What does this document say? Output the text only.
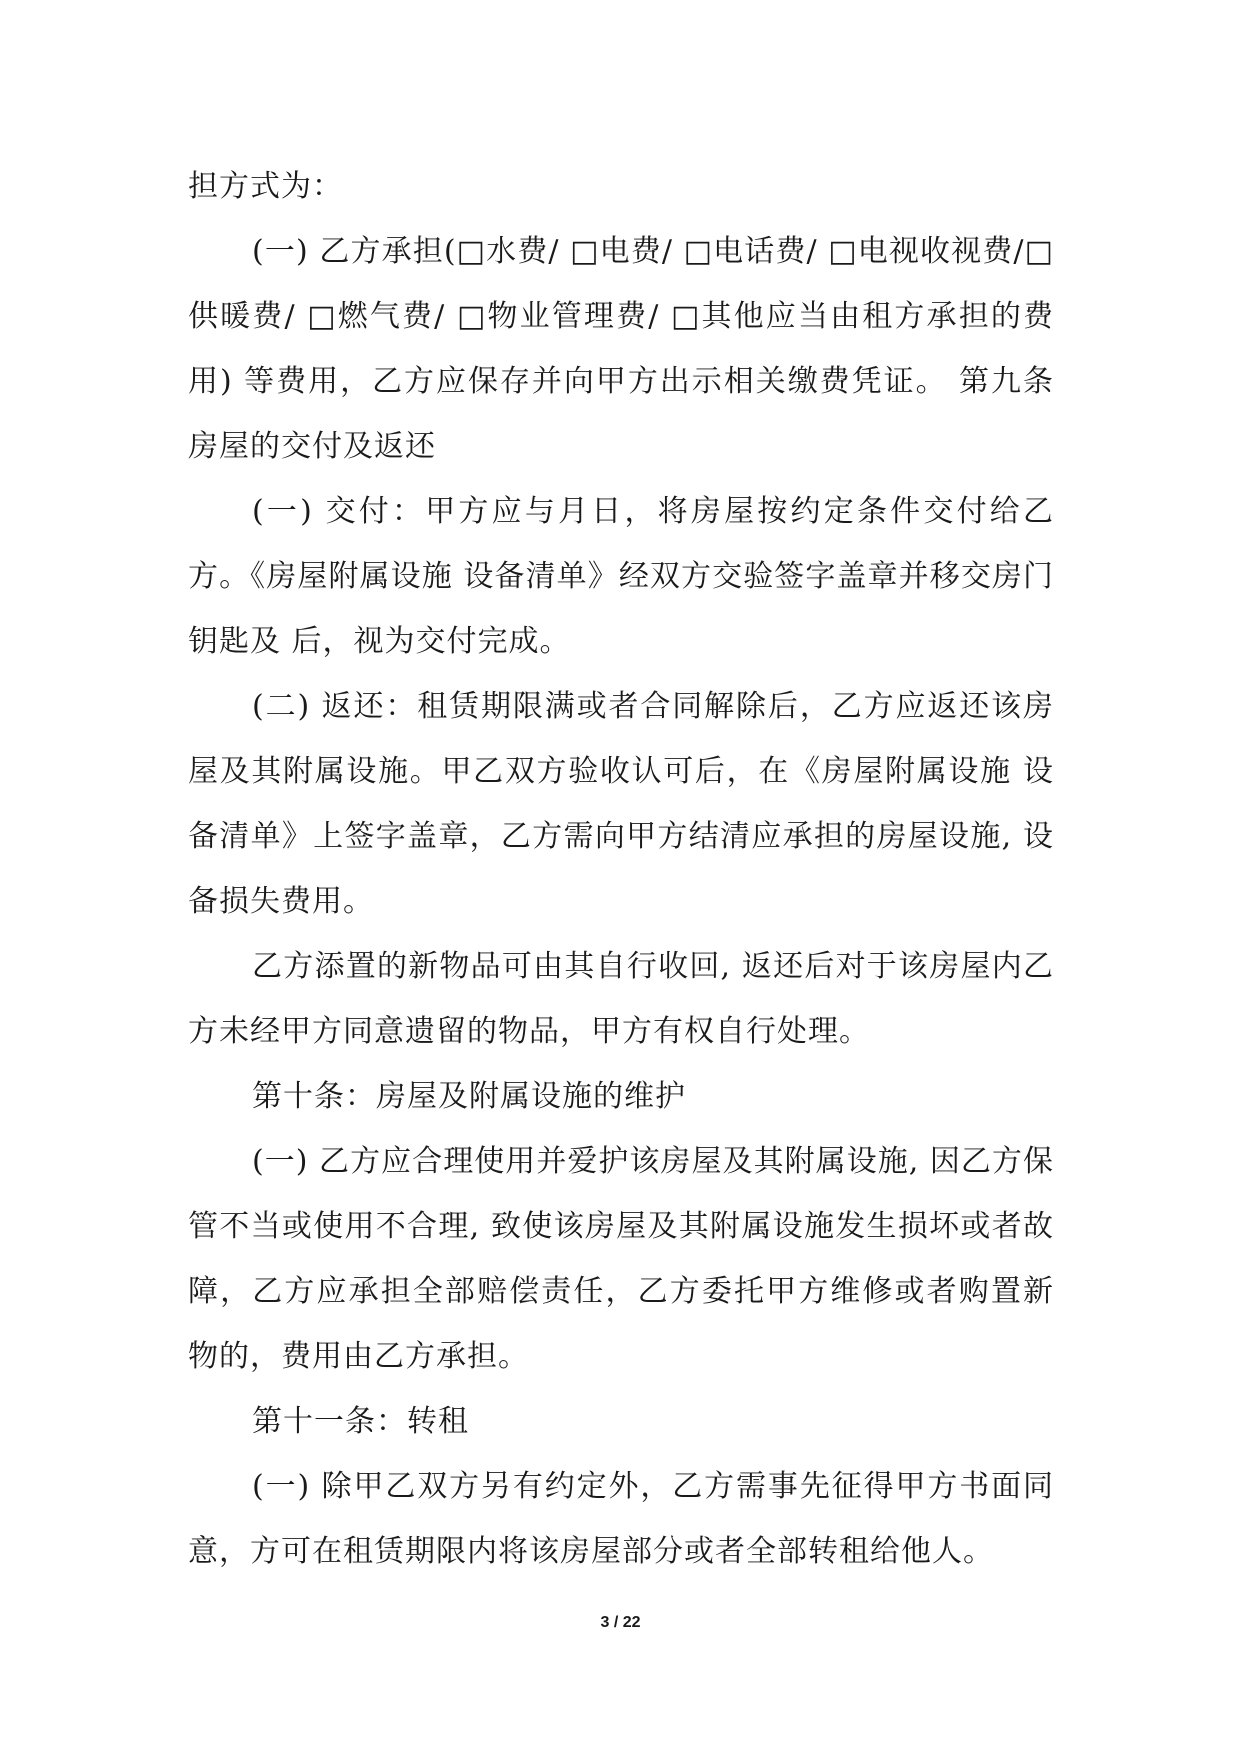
担方式为：

(一) 乙方承担(□水费/ □电费/ □电话费/ □电视收视费/□供暖费/ □燃气费/ □物业管理费/ □其他应当由租方承担的费用) 等费用，乙方应保存并向甲方出示相关缴费凭证。 第九条房屋的交付及返还

(一) 交付：甲方应与月日，将房屋按约定条件交付给乙方。《房屋附属设施 设备清单》经双方交验签字盖章并移交房门钥匙及 后，视为交付完成。

(二) 返还：租赁期限满或者合同解除后，乙方应返还该房屋及其附属设施。甲乙双方验收认可后，在《房屋附属设施 设备清单》上签字盖章，乙方需向甲方结清应承担的房屋设施, 设备损失费用。

乙方添置的新物品可由其自行收回, 返还后对于该房屋内乙方未经甲方同意遗留的物品，甲方有权自行处理。

第十条：房屋及附属设施的维护

(一) 乙方应合理使用并爱护该房屋及其附属设施, 因乙方保管不当或使用不合理, 致使该房屋及其附属设施发生损坏或者故障，乙方应承担全部赔偿责任，乙方委托甲方维修或者购置新物的，费用由乙方承担。

第十一条：转租

(一) 除甲乙双方另有约定外，乙方需事先征得甲方书面同意，方可在租赁期限内将该房屋部分或者全部转租给他人。

3 / 22
